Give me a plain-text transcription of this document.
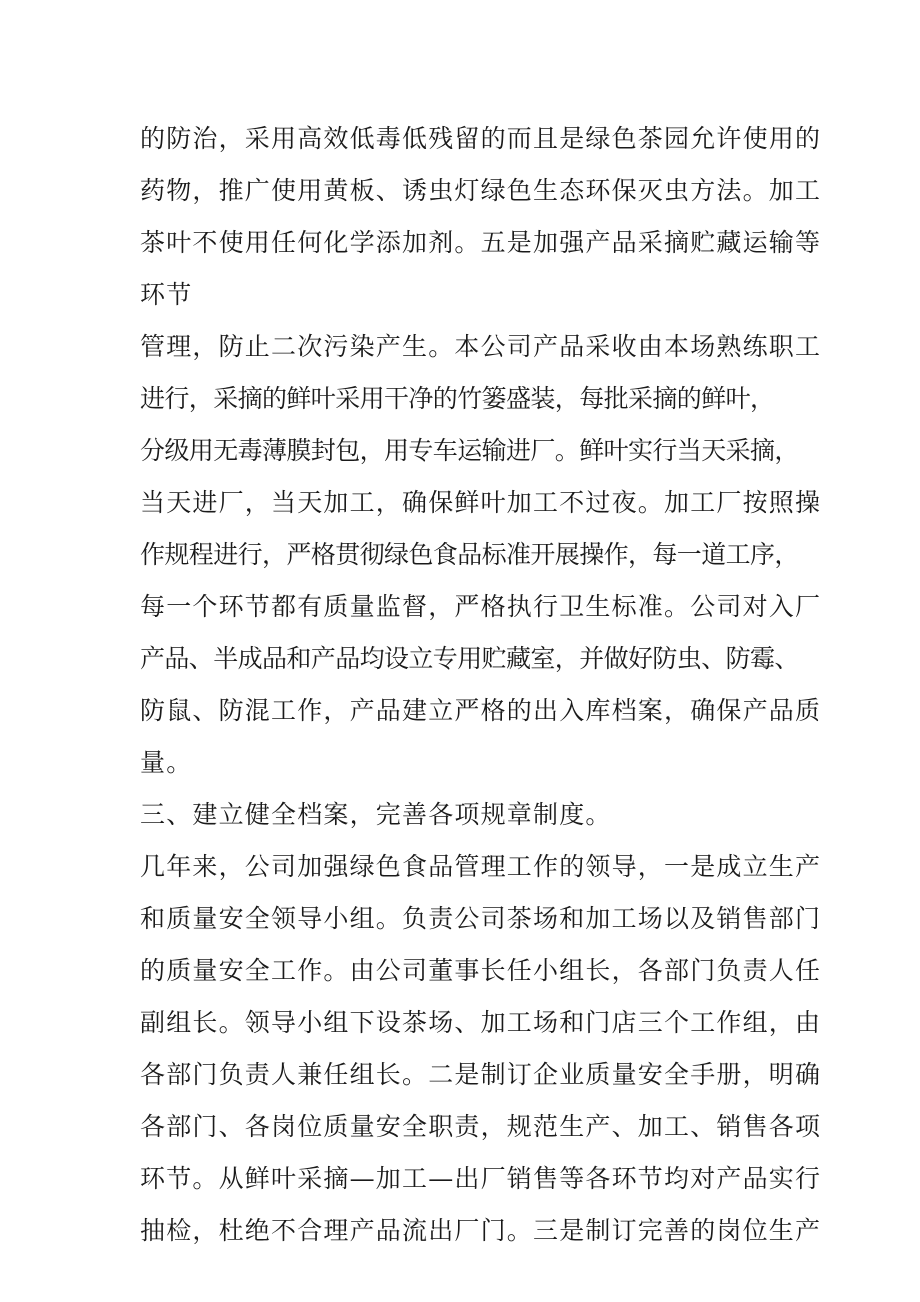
的防治，采用高效低毒低残留的而且是绿色茶园允许使用的
药物，推广使用黄板、诱虫灯绿色生态环保灭虫方法。加工
茶叶不使用任何化学添加剂。五是加强产品采摘贮藏运输等
环节
管理，防止二次污染产生。本公司产品采收由本场熟练职工
进行，采摘的鲜叶采用干净的竹篓盛装，每批采摘的鲜叶，
分级用无毒薄膜封包，用专车运输进厂。鲜叶实行当天采摘，
当天进厂，当天加工，确保鲜叶加工不过夜。加工厂按照操
作规程进行，严格贯彻绿色食品标准开展操作，每一道工序，
每一个环节都有质量监督，严格执行卫生标准。公司对入厂
产品、半成品和产品均设立专用贮藏室，并做好防虫、防霉、
防鼠、防混工作，产品建立严格的出入库档案，确保产品质
量。
三、建立健全档案，完善各项规章制度。
几年来，公司加强绿色食品管理工作的领导，一是成立生产
和质量安全领导小组。负责公司茶场和加工场以及销售部门
的质量安全工作。由公司董事长任小组长，各部门负责人任
副组长。领导小组下设茶场、加工场和门店三个工作组，由
各部门负责人兼任组长。二是制订企业质量安全手册，明确
各部门、各岗位质量安全职责，规范生产、加工、销售各项
环节。从鲜叶采摘—加工—出厂销售等各环节均对产品实行
抽检，杜绝不合理产品流出厂门。三是制订完善的岗位生产
